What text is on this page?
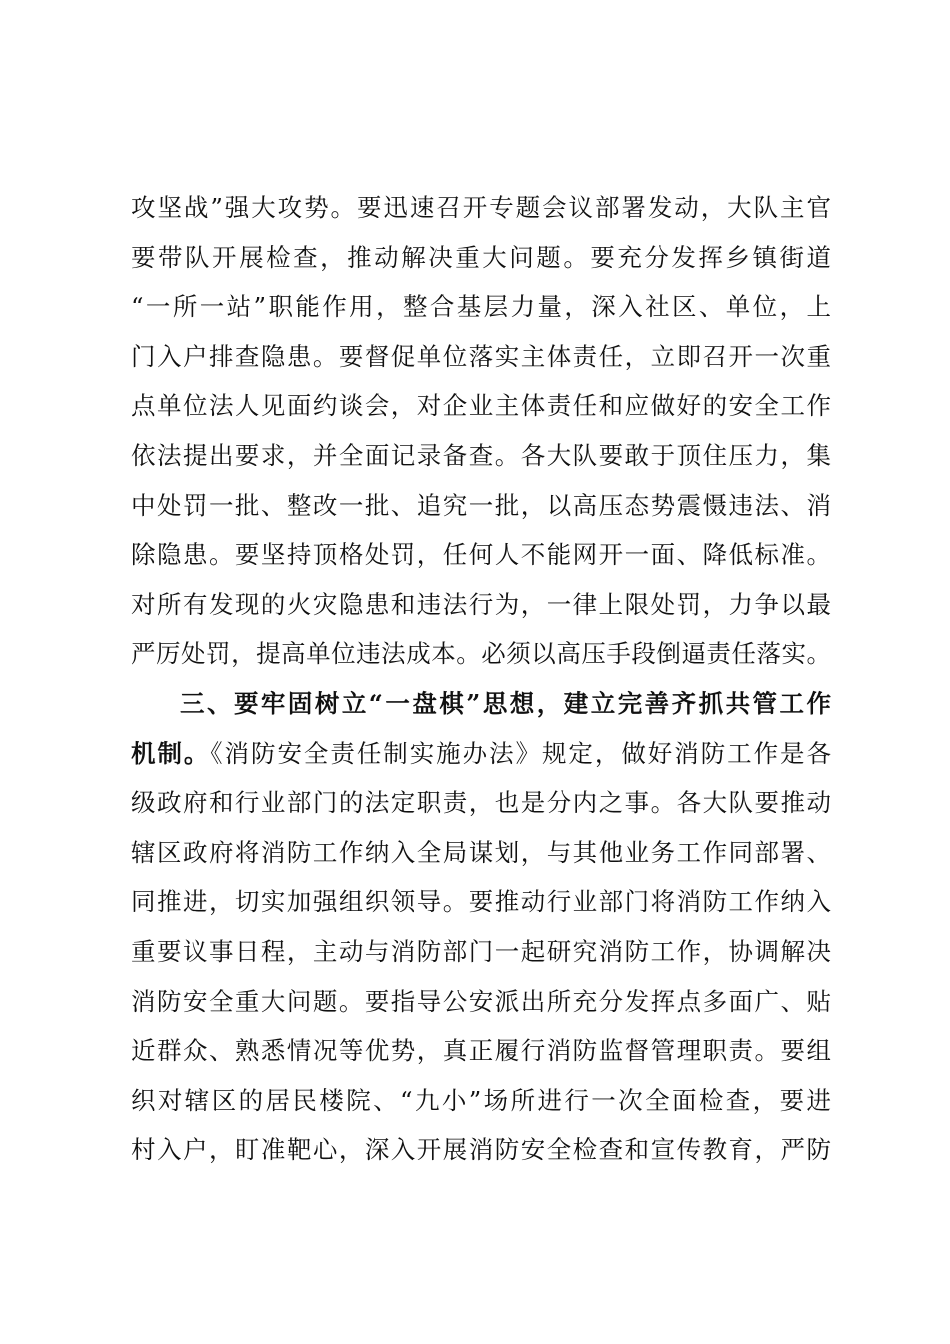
攻坚战”强大攻势。要迅速召开专题会议部署发动，大队主官
要带队开展检查，推动解决重大问题。要充分发挥乡镇街道
“一所一站”职能作用，整合基层力量，深入社区、单位，上
门入户排查隐患。要督促单位落实主体责任，立即召开一次重
点单位法人见面约谈会，对企业主体责任和应做好的安全工作
依法提出要求，并全面记录备查。各大队要敢于顶住压力，集
中处罚一批、整改一批、追究一批，以高压态势震慑违法、消
除隐患。要坚持顶格处罚，任何人不能网开一面、降低标准。
对所有发现的火灾隐患和违法行为，一律上限处罚，力争以最
严厉处罚，提高单位违法成本。必须以高压手段倒逼责任落实。
三、要牢固树立“一盘棋”思想，建立完善齐抓共管工作
机制。《消防安全责任制实施办法》规定，做好消防工作是各
级政府和行业部门的法定职责，也是分内之事。各大队要推动
辖区政府将消防工作纳入全局谋划，与其他业务工作同部署、
同推进，切实加强组织领导。要推动行业部门将消防工作纳入
重要议事日程，主动与消防部门一起研究消防工作，协调解决
消防安全重大问题。要指导公安派出所充分发挥点多面广、贴
近群众、熟悉情况等优势，真正履行消防监督管理职责。要组
织对辖区的居民楼院、“九小”场所进行一次全面检查，要进
村入户，盯准靶心，深入开展消防安全检查和宣传教育，严防
